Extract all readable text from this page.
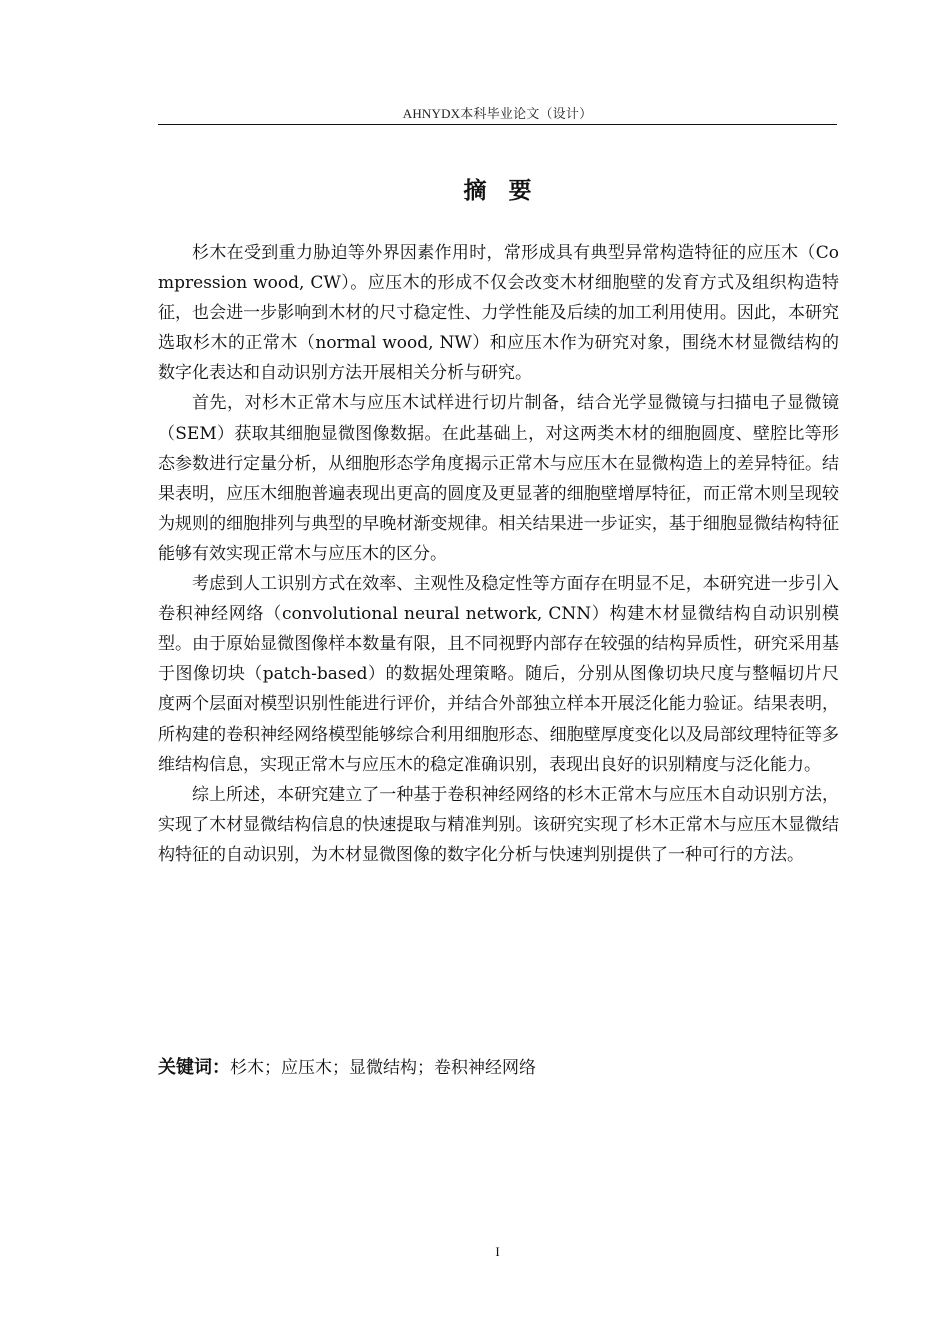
AHNYDX本科毕业论文（设计）
摘 要

杉木在受到重力胁迫等外界因素作用时，常形成具有典型异常构造特征的应压木（Compression wood, CW）。应压木的形成不仅会改变木材细胞壁的发育方式及组织构造特征，也会进一步影响到木材的尺寸稳定性、力学性能及后续的加工利用使用。因此，本研究选取杉木的正常木（normal wood, NW）和应压木作为研究对象，围绕木材显微结构的数字化表达和自动识别方法开展相关分析与研究。

首先，对杉木正常木与应压木试样进行切片制备，结合光学显微镜与扫描电子显微镜（SEM）获取其细胞显微图像数据。在此基础上，对这两类木材的细胞圆度、壁腔比等形态参数进行定量分析，从细胞形态学角度揭示正常木与应压木在显微构造上的差异特征。结果表明，应压木细胞普遍表现出更高的圆度及更显著的细胞壁增厚特征，而正常木则呈现较为规则的细胞排列与典型的早晚材渐变规律。相关结果进一步证实，基于细胞显微结构特征能够有效实现正常木与应压木的区分。

考虑到人工识别方式在效率、主观性及稳定性等方面存在明显不足，本研究进一步引入卷积神经网络（convolutional neural network, CNN）构建木材显微结构自动识别模型。由于原始显微图像样本数量有限，且不同视野内部存在较强的结构异质性，研究采用基于图像切块（patch-based）的数据处理策略。随后，分别从图像切块尺度与整幅切片尺度两个层面对模型识别性能进行评价，并结合外部独立样本开展泛化能力验证。结果表明，所构建的卷积神经网络模型能够综合利用细胞形态、细胞壁厚度变化以及局部纹理特征等多维结构信息，实现正常木与应压木的稳定准确识别，表现出良好的识别精度与泛化能力。

综上所述，本研究建立了一种基于卷积神经网络的杉木正常木与应压木自动识别方法，实现了木材显微结构信息的快速提取与精准判别。该研究实现了杉木正常木与应压木显微结构特征的自动识别，为木材显微图像的数字化分析与快速判别提供了一种可行的方法。

关键词：杉木；应压木；显微结构；卷积神经网络
I
